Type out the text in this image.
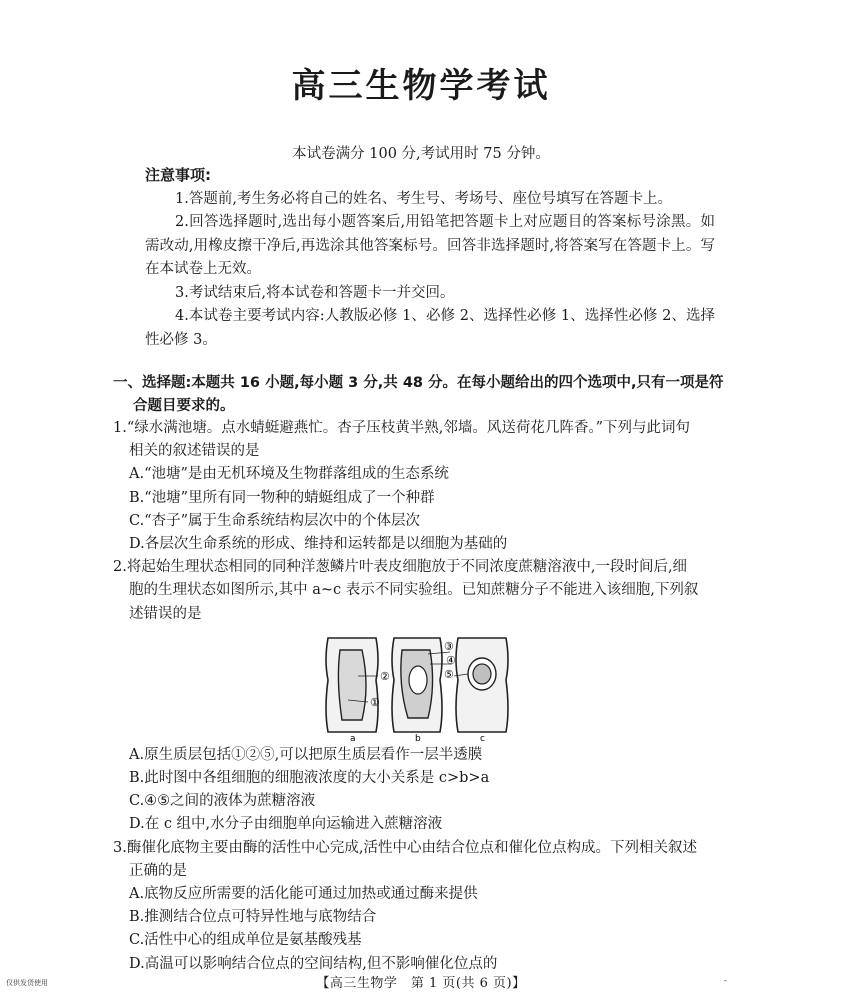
高三生物学考试
本试卷满分 100 分,考试用时 75 分钟。
注意事项:
1.答题前,考生务必将自己的姓名、考生号、考场号、座位号填写在答题卡上。
2.回答选择题时,选出每小题答案后,用铅笔把答题卡上对应题目的答案标号涂黑。如需改动,用橡皮擦干净后,再选涂其他答案标号。回答非选择题时,将答案写在答题卡上。写在本试卷上无效。
3.考试结束后,将本试卷和答题卡一并交回。
4.本试卷主要考试内容:人教版必修 1、必修 2、选择性必修 1、选择性必修 2、选择性必修 3。
一、选择题:本题共 16 小题,每小题 3 分,共 48 分。在每小题给出的四个选项中,只有一项是符
合题目要求的。
1.“绿水满池塘。点水蜻蜓避燕忙。杏子压枝黄半熟,邻墙。风送荷花几阵香。”下列与此词句
相关的叙述错误的是
A.“池塘”是由无机环境及生物群落组成的生态系统
B.“池塘”里所有同一物种的蜻蜓组成了一个种群
C.“杏子”属于生命系统结构层次中的个体层次
D.各层次生命系统的形成、维持和运转都是以细胞为基础的
2.将起始生理状态相同的同种洋葱鳞片叶表皮细胞放于不同浓度蔗糖溶液中,一段时间后,细
胞的生理状态如图所示,其中 a~c 表示不同实验组。已知蔗糖分子不能进入该细胞,下列叙
述错误的是
②
①
③
④
⑤
a	b	c
A.原生质层包括①②⑤,可以把原生质层看作一层半透膜
B.此时图中各组细胞的细胞液浓度的大小关系是 c>b>a
C.④⑤之间的液体为蔗糖溶液
D.在 c 组中,水分子由细胞单向运输进入蔗糖溶液
3.酶催化底物主要由酶的活性中心完成,活性中心由结合位点和催化位点构成。下列相关叙述
正确的是
A.底物反应所需要的活化能可通过加热或通过酶来提供
B.推测结合位点可特异性地与底物结合
C.活性中心的组成单位是氨基酸残基
D.高温可以影响结合位点的空间结构,但不影响催化位点的
【高三生物学　第 1 页(共 6 页)】
仅供发货使用	-
